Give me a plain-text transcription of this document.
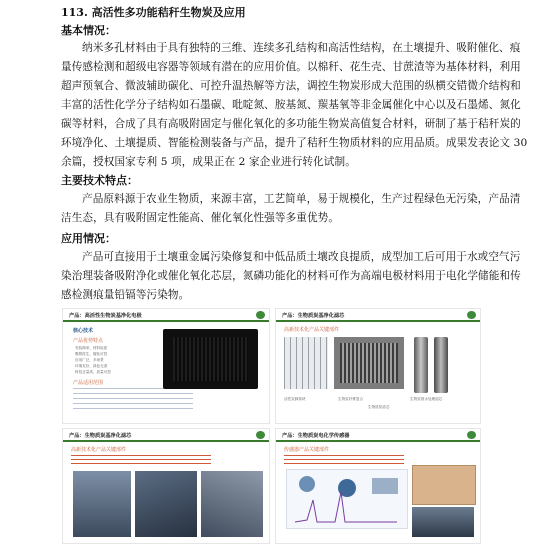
113. 高活性多功能秸秆生物炭及应用
基本情况：
纳米多孔材料由于具有独特的三维、连续多孔结构和高活性结构，在土壤提升、吸附催化、痕
量传感检测和超级电容器等领域有潜在的应用价值。以棉秆、花生壳、甘蔗渣等为基体材料，利用
超声预氧合、微波辅助碳化、可控升温热解等方法，调控生物炭形成大范围的纵横交错微介结构和
丰富的活性化学分子结构如石墨碳、吡啶氮、胺基氮、羰基氧等非金属催化中心以及石墨烯、氮化
碳等材料，合成了具有高吸附固定与催化氧化的多功能生物炭高值复合材料，研制了基于秸秆炭的
环境净化、土壤提质、智能检测装备与产品，提升了秸秆生物质材料的应用品质。成果发表论文 30
余篇，授权国家专利 5 项，成果正在 2 家企业进行转化试制。
主要技术特点：
产品原料源于农业生物质，来源丰富，工艺简单，易于规模化，生产过程绿色无污染，产品清
洁生态，具有吸附固定性能高、催化氧化性强等多重优势。
应用情况：
产品可直接用于土壤重金属污染修复和中低品质土壤改良提质，成型加工后可用于水或空气污
染治理装备吸附净化或催化氧化芯层，氮磷功能化的材料可作为高端电极材料用于电化学储能和传
感检测痕量铅镉等污染物。
产品：高活性生物炭基净化电极
核心技术
产品优势特点
安装简单，材料轻质
吸附再生，催化可控
应用广泛，多场景
环境友好，绿色无害
科技含量高，质量可控
产品适用范围
产品：生物质炭基净化滤芯
高新技术化产品关键部件
活性炭蜂窝块	生物炭纤维复合
生物质炭滤芯
生物炭基水处理滤芯
产品：生物质炭基净化滤芯
高新技术化产品关键部件
产品：生物质炭电化学传感器
传感器产品关键部件
